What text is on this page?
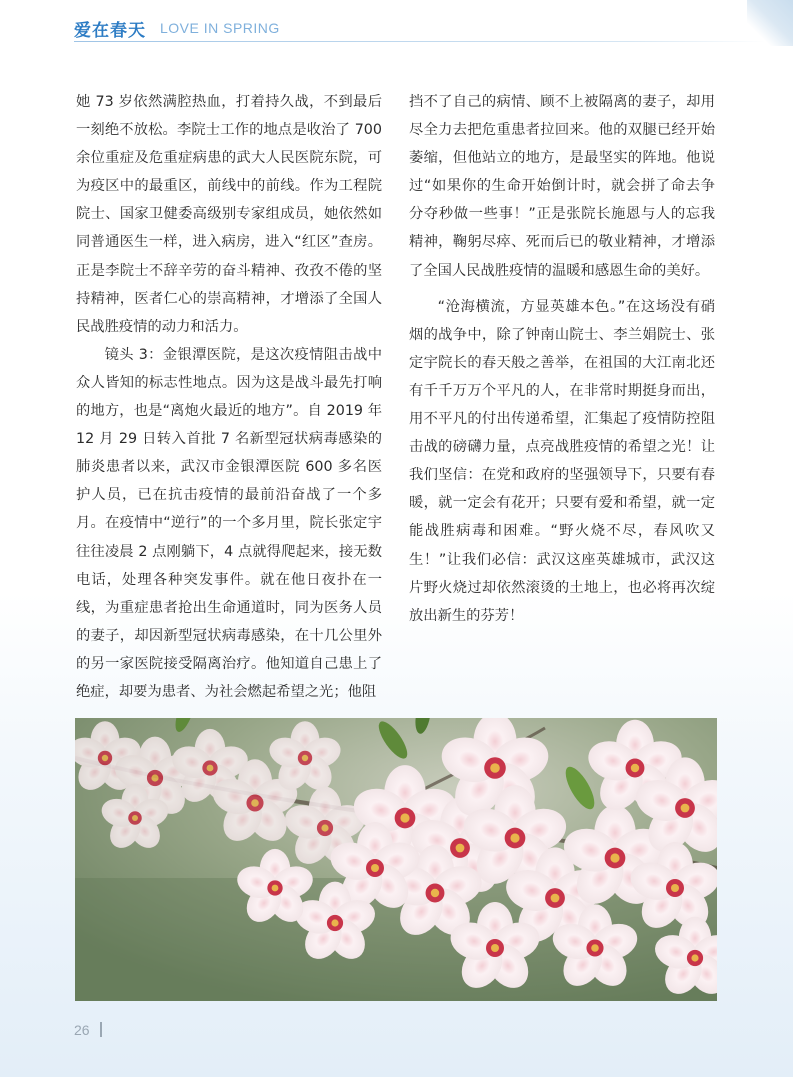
爱在春天 LOVE IN SPRING

她 73 岁依然满腔热血，打着持久战，不到最后一刻绝不放松。李院士工作的地点是收治了 700 余位重症及危重症病患的武大人民医院东院，可为疫区中的最重区，前线中的前线。作为工程院院士、国家卫健委高级别专家组成员，她依然如同普通医生一样，进入病房，进入“红区”查房。正是李院士不辞辛劳的奋斗精神、孜孜不倦的坚持精神，医者仁心的崇高精神，才增添了全国人民战胜疫情的动力和活力。

镜头 3：金银潭医院，是这次疫情阻击战中众人皆知的标志性地点。因为这是战斗最先打响的地方，也是“离炮火最近的地方”。自 2019 年 12 月 29 日转入首批 7 名新型冠状病毒感染的肺炎患者以来，武汉市金银潭医院 600 多名医护人员，已在抗击疫情的最前沿奋战了一个多月。在疫情中“逆行”的一个多月里，院长张定宇往往凌晨 2 点刚躺下，4 点就得爬起来，接无数电话，处理各种突发事件。就在他日夜扑在一线，为重症患者抢出生命通道时，同为医务人员的妻子，却因新型冠状病毒感染，在十几公里外的另一家医院接受隔离治疗。他知道自己患上了绝症，却要为患者、为社会燃起希望之光；他阻

挡不了自己的病情、顾不上被隔离的妻子，却用尽全力去把危重患者拉回来。他的双腿已经开始萎缩，但他站立的地方，是最坚实的阵地。他说过“如果你的生命开始倒计时，就会拼了命去争分夺秒做一些事！”正是张院长施恩与人的忘我精神，鞠躬尽瘁、死而后已的敬业精神，才增添了全国人民战胜疫情的温暖和感恩生命的美好。

“沧海横流，方显英雄本色。”在这场没有硝烟的战争中，除了钟南山院士、李兰娟院士、张定宇院长的春天般之善举，在祖国的大江南北还有千千万万个平凡的人，在非常时期挺身而出，用不平凡的付出传递希望，汇集起了疫情防控阻击战的磅礴力量，点亮战胜疫情的希望之光！让我们坚信：在党和政府的坚强领导下，只要有春暖，就一定会有花开；只要有爱和希望，就一定能战胜病毒和困难。“野火烧不尽，春风吹又生！”让我们必信：武汉这座英雄城市，武汉这片野火烧过却依然滚烫的土地上，也必将再次绽放出新生的芬芳！

26
